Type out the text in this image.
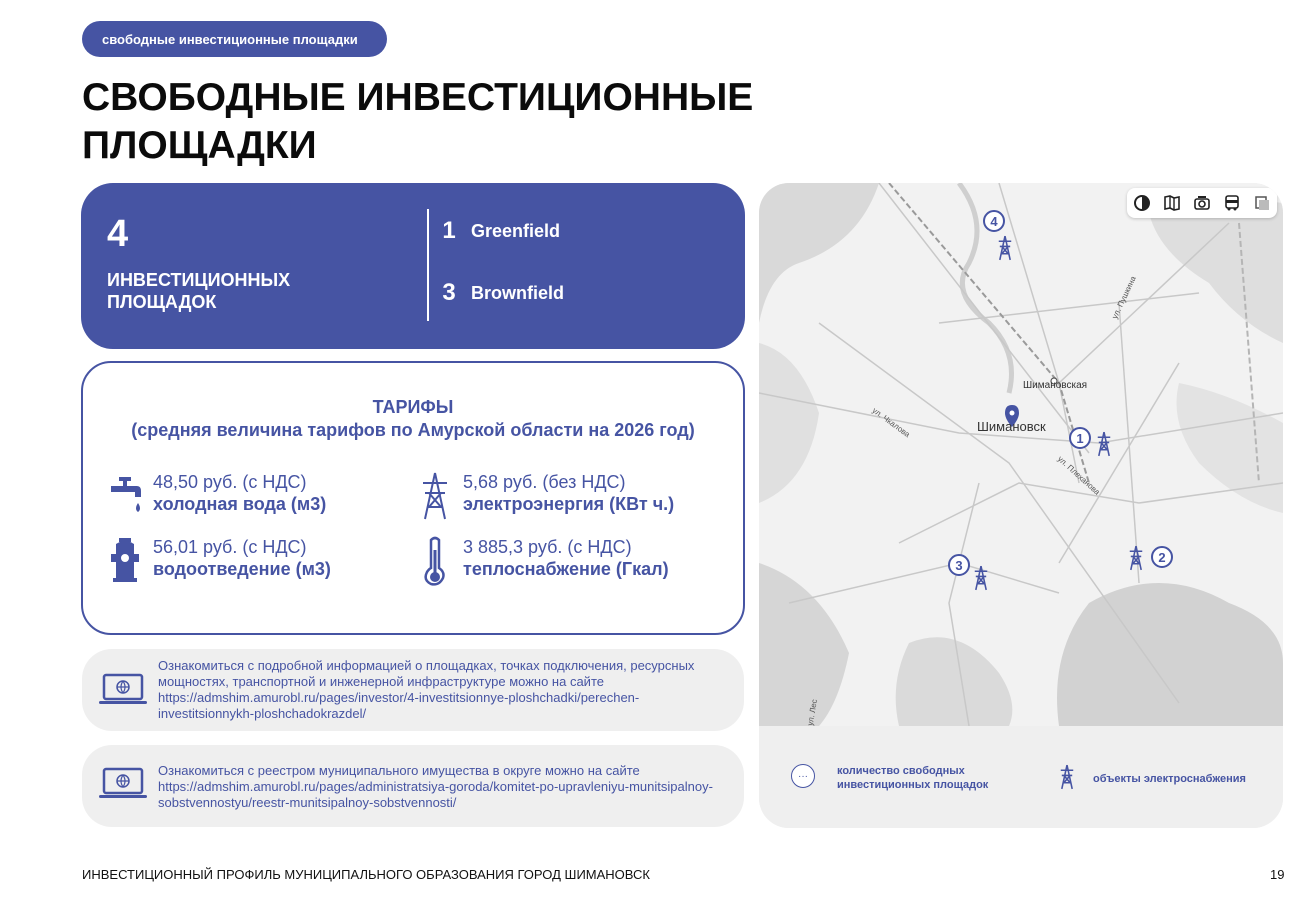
свободные инвестиционные площадки
СВОБОДНЫЕ ИНВЕСТИЦИОННЫЕ ПЛОЩАДКИ
4
ИНВЕСТИЦИОННЫХ ПЛОЩАДОК
1 Greenfield
3 Brownfield
ТАРИФЫ
(средняя величина тарифов по Амурской области на 2026 год)
48,50 руб. (с НДС)
холодная вода (м3)
5,68 руб. (без НДС)
электроэнергия (КВт ч.)
56,01 руб. (с НДС)
водоотведение (м3)
3 885,3 руб. (с НДС)
теплоснабжение (Гкал)
Ознакомиться с подробной информацией о площадках, точках подключения, ресурсных мощностях, транспортной и инженерной инфраструктуре можно на сайте https://admshim.amurobl.ru/pages/investor/4-investitsionnye-ploshchadki/perechen-investitsionnykh-ploshchadokrazdel/
Ознакомиться с реестром муниципального имущества в округе можно на сайте https://admshim.amurobl.ru/pages/administratsiya-goroda/komitet-po-upravleniyu-munitsipalnoy-sobstvennostyu/reestr-munitsipalnoy-sobstvennosti/
Шимановская
Шимановск
ул. Чкалова
ул. Плеханова
ул. Пушкина
ул. Лес
4
1
2
3
···	количество свободных инвестиционных площадок	объекты электроснабжения
ИНВЕСТИЦИОННЫЙ ПРОФИЛЬ МУНИЦИПАЛЬНОГО ОБРАЗОВАНИЯ ГОРОД ШИМАНОВСК	19
